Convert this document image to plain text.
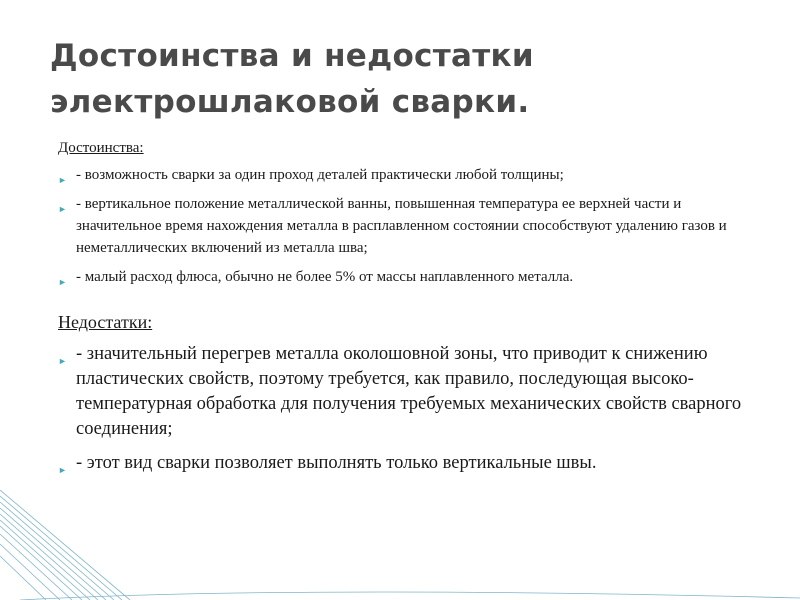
Достоинства и недостатки электрошлаковой сварки.
Достоинства:
► - возможность сварки за один проход деталей практически любой толщины;
► - вертикальное положение металлической ванны, повышенная температура ее верхней части и значительное время нахождения металла в расплавленном состоянии способствуют удалению газов и неметаллических включений из металла шва;
► - малый расход флюса, обычно не более 5% от массы наплавленного металла.
Недостатки:
► - значительный перегрев металла околошовной зоны, что приводит к снижению пластических свойств, поэтому требуется, как правило, последующая высоко-температурная обработка для получения требуемых механических свойств сварного соединения;
► - этот вид сварки позволяет выполнять только вертикальные швы.
